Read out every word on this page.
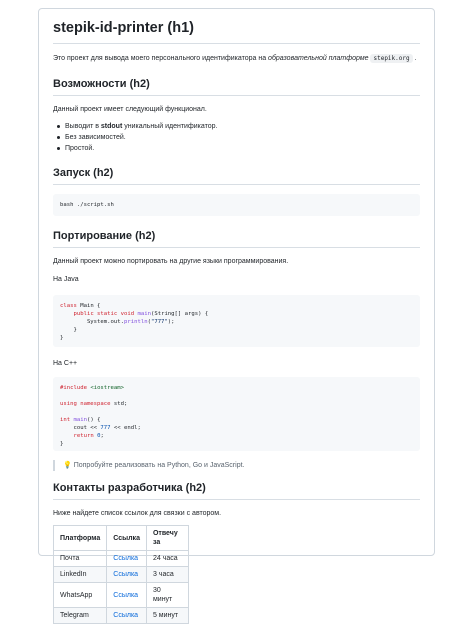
stepik-id-printer (h1)

Это проект для вывода моего персонального идентификатора на образовательной платформе stepik.org .

Возможности (h2)

Данный проект имеет следующий функционал.

Выводит в stdout уникальный идентификатор.
Без зависимостей.
Простой.
Запуск (h2)
bash ./script.sh
Портирование (h2)

Данный проект можно портировать на другие языки программирования.

На Java

class Main {
public static void main(String[] args) {
System.out.println("777");
}
}

На C++

#include <iostream>

using namespace std;

int main() {
cout << 777 << endl;
return 0;
}
💡 Попробуйте реализовать на Python, Go и JavaScript.
Контакты разработчика (h2)

Ниже найдете список ссылок для связки с автором.

Платформа	Ссылка	Отвечу за
Почта	Ссылка	24 часа
LinkedIn	Ссылка	3 часа
WhatsApp	Ссылка	30 минут
Telegram	Ссылка	5 минут
